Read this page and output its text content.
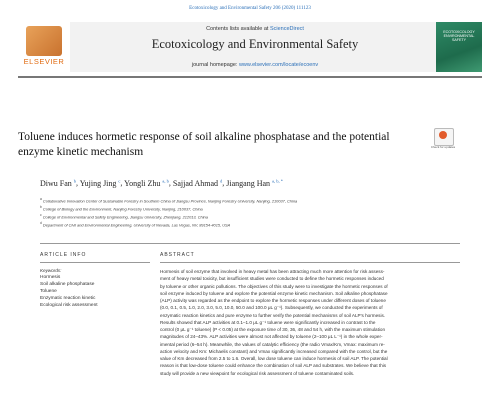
Ecotoxicology and Environmental Safety 206 (2020) 111123
ELSEVIER
Contents lists available at ScienceDirect
Ecotoxicology and Environmental Safety
journal homepage: www.elsevier.com/locate/ecoenv
ECOTOXICOLOGY ENVIRONMENTAL SAFETY
Toluene induces hormetic response of soil alkaline phosphatase and the potential enzyme kinetic mechanism	Check for updates
Diwu Fan $^b$, Yujing Jing $^c$, Yongli Zhu $^{a, b}$, Sajjad Ahmad $^d$, Jiangang Han $^{a, b, *}$
$^a$ Collaborative Innovation Center of Sustainable Forestry in Southern China of Jiangsu Province, Nanjing Forestry University, Nanjing, 210037, China
$^b$ College of Biology and the Environment, Nanjing Forestry University, Nanjing, 210037, China
$^c$ College of Environmental and Safety Engineering, Jiangsu University, Zhenjiang, 212013, China
$^d$ Department of Civil and Environmental Engineering, University of Nevada, Las Vegas, NV, 89154-4015, USA
ARTICLE INFO
Keywords:
Hormesis
Soil alkaline phosphatase
Toluene
Enzymatic reaction kinetic
Ecological risk assessment
ABSTRACT
Hormesis of soil enzyme that involved in heavy metal has been attracting much more attention for risk assess-
ment of heavy metal toxicity, but insufficient studies were conducted to define the hormetic responses induced
by toluene or other organic pollutions. The objectives of this study were to investigate the hormetic responses of
soil enzyme induced by toluene and explore the potential enzyme kinetic mechanism. Soil alkaline phosphatase
(ALP) activity was regarded as the endpoint to explore the hormetic responses under different doses of toluene
(0.0, 0.1, 0.5, 1.0, 2.0, 3.0, 5.0, 10.0, 50.0 and 100.0 μL g⁻¹). Subsequently, we conducted the experiments of
enzymatic reaction kinetics and pure enzyme to further verify the potential mechanisms of soil ALP's hormesis.
Results showed that ALP activities at 0.1–1.0 μL g⁻¹ toluene were significantly increased in contrast to the
control (0 μL g⁻¹ toluene) (P < 0.05) at the exposure time of 30, 36, 48 and 54 h, with the maximum stimulation
magnitudes of 24–43%. ALP activities were almost not affected by toluene (2–100 μL L⁻¹) in the whole exper-
imental period (6–54 h). Meanwhile, the values of catalytic efficiency (the radio Vmax/Km, Vmax: maximum re-
action velocity and Km: Michaelis constant) and Vmax significantly increased compared with the control, but the
value of Km decreased from 2.5 to 1.6. Overall, low dose toluene can induce hormesis of soil ALP. The potential
reason is that low-dose toluene could enhance the combination of soil ALP and substrates. We believe that this
study will provide a new viewpoint for ecological risk assessment of toluene contaminated soils.
